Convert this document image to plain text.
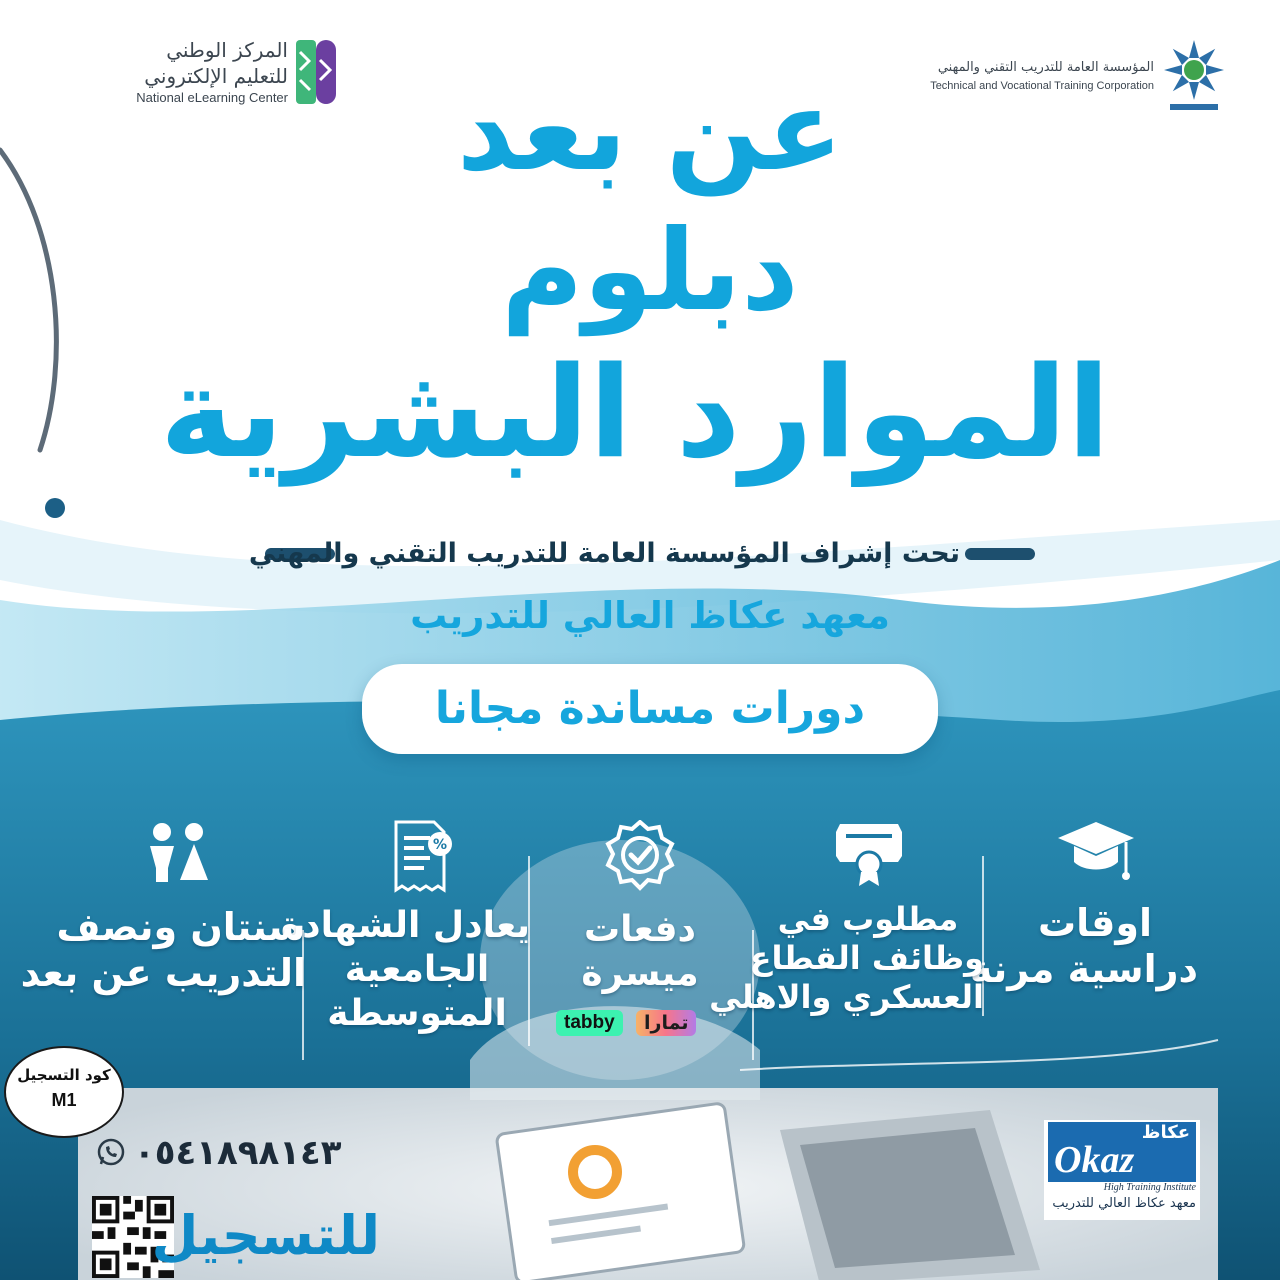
المركز الوطني
للتعليم الإلكتروني
National eLearning Center
المؤسسة العامة للتدريب التقني والمهني
Technical and Vocational Training Corporation
عن بعد
دبلوم
الموارد البشرية
تحت إشراف المؤسسة العامة للتدريب التقني والمهني
معهد عكاظ العالي للتدريب
دورات مساندة مجانا
اوقات
دراسية مرنة
مطلوب في
وظائف القطاع
العسكري والاهلي
دفعات
ميسرة
تمارا
tabby
%
يعادل الشهادة
الجامعية
المتوسطة
سنتان ونصف
التدريب عن بعد
كود التسجيل
M1
٠٥٤١٨٩٨١٤٣
للتسجيل
عكاظ
Okaz
High Training Institute
معهد عكاظ العالي للتدريب
